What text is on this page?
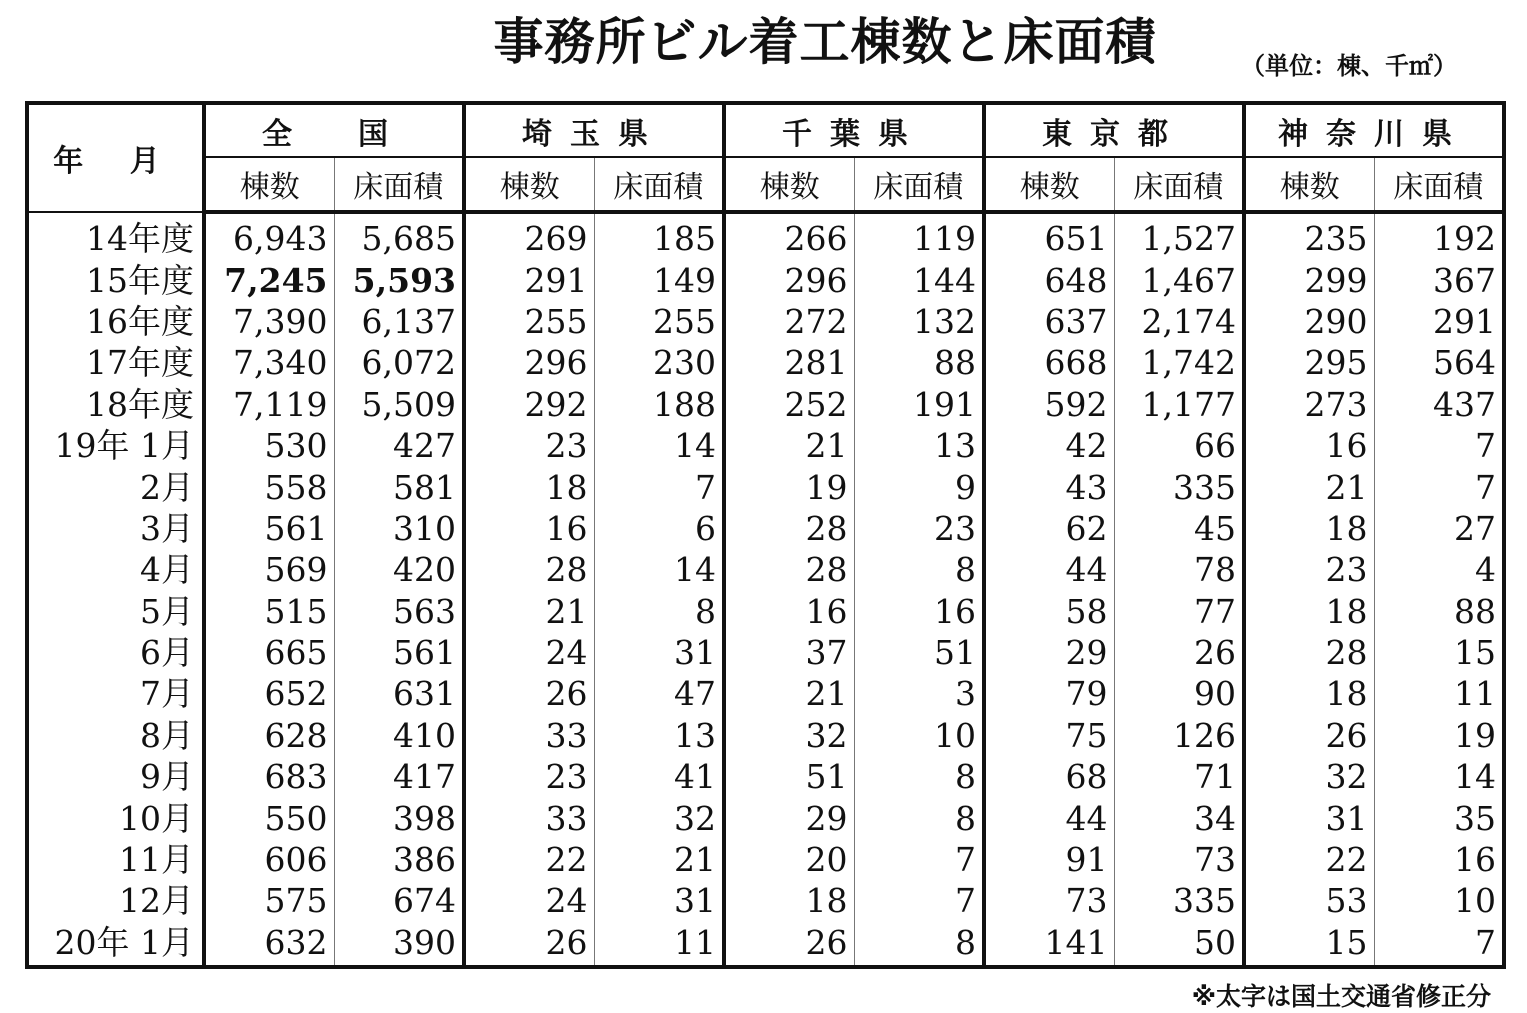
事務所ビル着工棟数と床面積	（単位：棟、千㎡）
年 月	全　国		埼玉県		千葉県		東京都		神奈川県	
	棟数	床面積	棟数	床面積	棟数	床面積	棟数	床面積	棟数	床面積
14年度	6,943	5,685	269	185	266	119	651	1,527	235	192
15年度	7,245	5,593	291	149	296	144	648	1,467	299	367
16年度	7,390	6,137	255	255	272	132	637	2,174	290	291
17年度	7,340	6,072	296	230	281	88	668	1,742	295	564
18年度	7,119	5,509	292	188	252	191	592	1,177	273	437
19年 1月	530	427	23	14	21	13	42	66	16	7
2月	558	581	18	7	19	9	43	335	21	7
3月	561	310	16	6	28	23	62	45	18	27
4月	569	420	28	14	28	8	44	78	23	4
5月	515	563	21	8	16	16	58	77	18	88
6月	665	561	24	31	37	51	29	26	28	15
7月	652	631	26	47	21	3	79	90	18	11
8月	628	410	33	13	32	10	75	126	26	19
9月	683	417	23	41	51	8	68	71	32	14
10月	550	398	33	32	29	8	44	34	31	35
11月	606	386	22	21	20	7	91	73	22	16
12月	575	674	24	31	18	7	73	335	53	10
20年 1月	632	390	26	11	26	8	141	50	15	7
※太字は国土交通省修正分
